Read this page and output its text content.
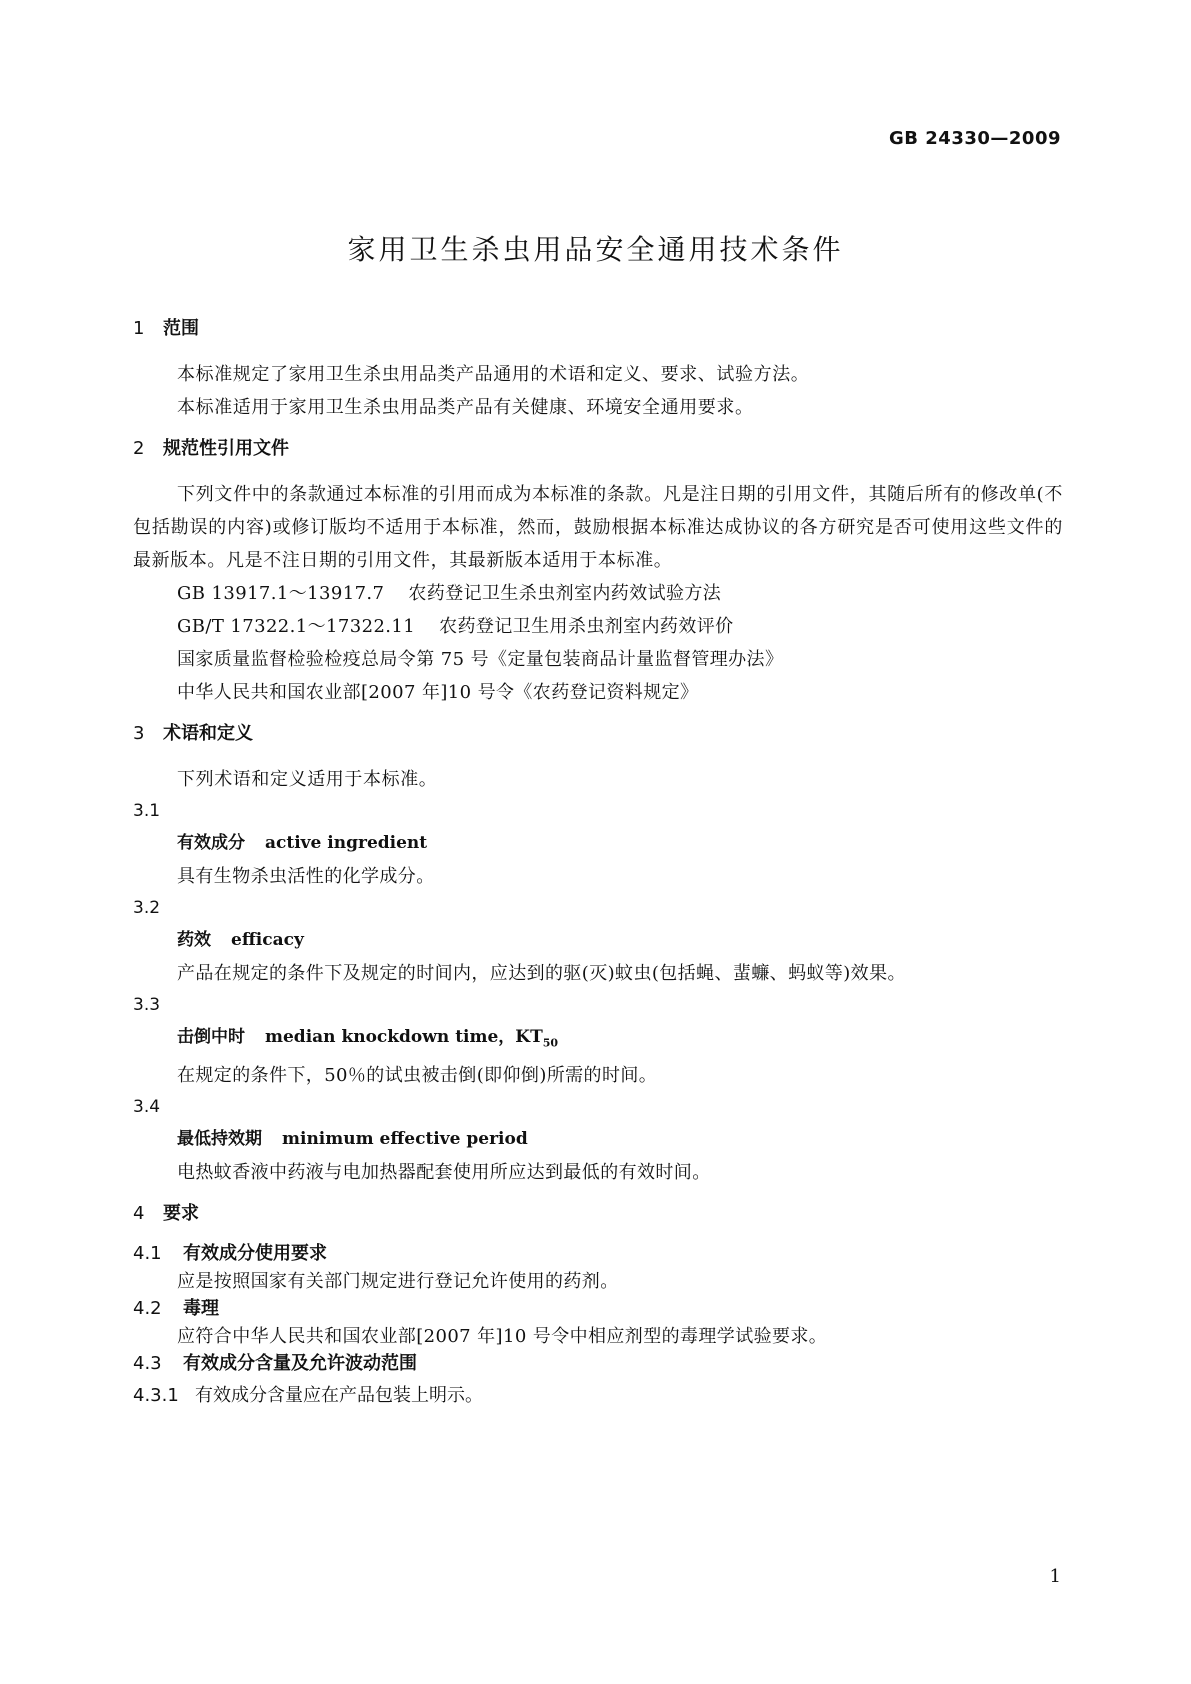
GB 24330—2009
家用卫生杀虫用品安全通用技术条件
1 范围
本标准规定了家用卫生杀虫用品类产品通用的术语和定义、要求、试验方法。
本标准适用于家用卫生杀虫用品类产品有关健康、环境安全通用要求。
2 规范性引用文件
下列文件中的条款通过本标准的引用而成为本标准的条款。凡是注日期的引用文件，其随后所有的修改单(不包括勘误的内容)或修订版均不适用于本标准，然而，鼓励根据本标准达成协议的各方研究是否可使用这些文件的最新版本。凡是不注日期的引用文件，其最新版本适用于本标准。
GB 13917.1～13917.7 农药登记卫生杀虫剂室内药效试验方法
GB/T 17322.1～17322.11 农药登记卫生用杀虫剂室内药效评价
国家质量监督检验检疫总局令第 75 号《定量包装商品计量监督管理办法》
中华人民共和国农业部[2007 年]10 号令《农药登记资料规定》
3 术语和定义
下列术语和定义适用于本标准。
3.1
有效成分 active ingredient
具有生物杀虫活性的化学成分。
3.2
药效 efficacy
产品在规定的条件下及规定的时间内，应达到的驱(灭)蚊虫(包括蝇、蜚蠊、蚂蚁等)效果。
3.3
击倒中时 median knockdown time，$KT_{50}$
在规定的条件下，50％的试虫被击倒(即仰倒)所需的时间。
3.4
最低持效期 minimum effective period
电热蚊香液中药液与电加热器配套使用所应达到最低的有效时间。
4 要求
4.1 有效成分使用要求
应是按照国家有关部门规定进行登记允许使用的药剂。
4.2 毒理
应符合中华人民共和国农业部[2007 年]10 号令中相应剂型的毒理学试验要求。
4.3 有效成分含量及允许波动范围
4.3.1 有效成分含量应在产品包装上明示。
1
